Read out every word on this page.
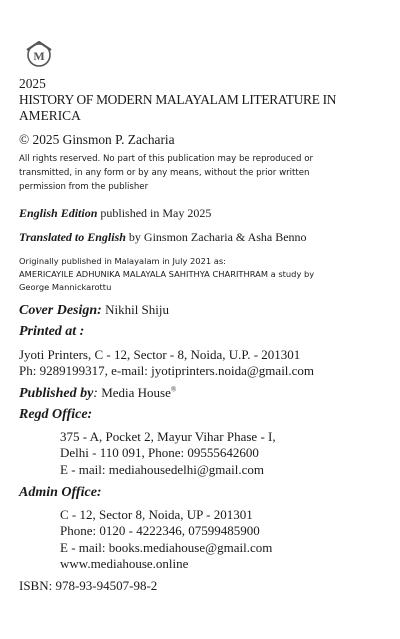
M

2025

HISTORY OF MODERN MALAYALAM LITERATURE IN

AMERICA

© 2025 Ginsmon P. Zacharia

All rights reserved. No part of this publication may be reproduced or

transmitted, in any form or by any means, without the prior written

permission from the publisher

English Edition published in May 2025

Translated to English by Ginsmon Zacharia & Asha Benno

Originally published in Malayalam in July 2021 as:

AMERICAYILE ADHUNIKA MALAYALA SAHITHYA CHARITHRAM a study by

George Mannickarottu

Cover Design: Nikhil Shiju

Printed at :

Jyoti Printers, C - 12, Sector - 8, Noida, U.P. - 201301

Ph: 9289199317, e-mail: jyotiprinters.noida@gmail.com

Published by: Media House®

Regd Office:

375 - A, Pocket 2, Mayur Vihar Phase - I,

Delhi - 110 091, Phone: 09555642600

E - mail: mediahousedelhi@gmail.com

Admin Office:

C - 12, Sector 8, Noida, UP - 201301

Phone: 0120 - 4222346, 07599485900

E - mail: books.mediahouse@gmail.com

www.mediahouse.online

ISBN: 978-93-94507-98-2
